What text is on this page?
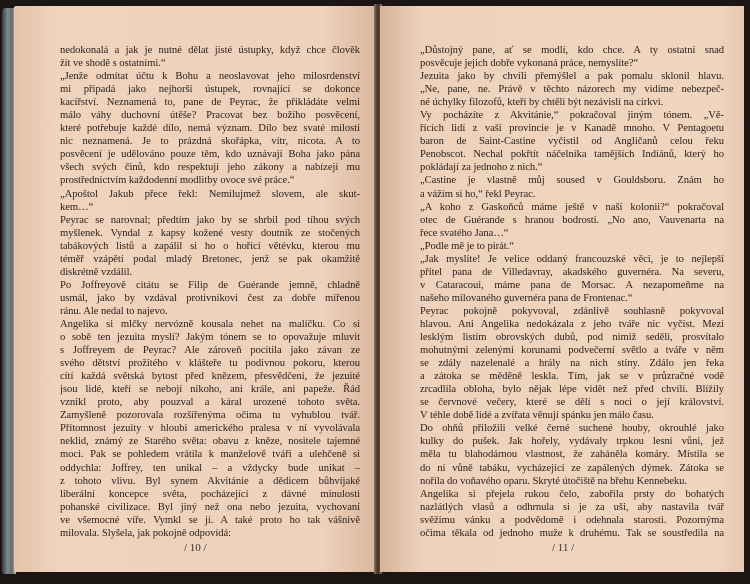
nedokonalá a jak je nutné dělat jisté ústupky, když chce člověk
žít ve shodě s ostatními.“
„Jenže odmítat účtu k Bohu a neoslavovat jeho milosrdenství
mi připadá jako nejhorší ústupek, rovnající se dokonce
kacířství. Neznamená to, pane de Peyrac, že přikládáte velmi
málo váhy duchovní útěše? Pracovat bez božího posvěcení,
které potřebuje každé dílo, nemá význam. Dílo bez svaté milosti
nic neznamená. Je to prázdná skořápka, vítr, nicota. A to
posvěcení je udělováno pouze těm, kdo uznávají Boha jako pána
všech svých činů, kdo respektují jeho zákony a nabízejí mu
prostřednictvím každodenní modlitby ovoce své práce.“
„Apoštol Jakub přece řekl: Nemilujmež slovem, ale skut-
kem…“
Peyrac se narovnal; předtím jako by se shrbil pod tíhou svých
myšlenek. Vyndal z kapsy kožené vesty doutník ze stočených
tabákových listů a zapálil si ho o hořící větévku, kterou mu
téměř vzápětí podal mladý Bretonec, jenž se pak okamžitě
diskrétně vzdálil.
Po Joffreyově citátu se Filip de Guérande jemně, chladně
usmál, jako by vzdával protivníkovi čest za dobře mířenou
ránu. Ale nedal to najevo.
Angelika si mlčky nervózně kousala nehet na malíčku. Co si
o sobě ten jezuita myslí? Jakým tónem se to opovažuje mluvit
s Joffreyem de Peyrac? Ale zároveň pocítila jako závan ze
svého dětství prožitého v klášteře tu podivnou pokoru, kterou
cítí každá světská bytost před knězem, přesvědčení, že jezuité
jsou lidé, kteří se nebojí nikoho, ani krále, ani papeže. Řád
vznikl proto, aby pouzval a káral urozené tohoto světa.
Zamyšleně pozorovala rozšířenýma očima tu vyhublou tvář.
Přítomnost jezuity v hloubi amerického pralesa v ní vyvolávala
neklid, známý ze Starého světa: obavu z kněze, nositele tajemné
moci. Pak se pohledem vrátila k manželově tváři a ulehčeně si
oddychla: Joffrey, ten unikal – a vždycky bude unikat –
z tohoto vlivu. Byl synem Akvitánie a dědicem bůhvíjaké
liberální koncepce světa, pocházející z dávné minulosti
pohanské civilizace. Byl jiný než ona nebo jezuita, vychovaní
ve všemocné víře. Vymkl se jí. A také proto ho tak vášnivě
milovala. Slyšela, jak pokojně odpovídá:
/ 10 /
„Důstojný pane, ať se modlí, kdo chce. A ty ostatní snad
posvěcuje jejich dobře vykonaná práce, nemyslíte?“
Jezuita jako by chvíli přemýšlel a pak pomalu sklonil hlavu.
„Ne, pane, ne. Právě v těchto názorech my vidíme nebezpeč-
né úchylky filozofů, kteří by chtěli být nezávislí na církvi.
Vy pocházíte z Akvitánie,“ pokračoval jiným tónem. „Vě-
řících lidí z vaší provincie je v Kanadě mnoho. V Pentagoetu
baron de Saint-Castine vyčistil od Angličanů celou řeku
Penobscot. Nechal pokřtít náčelníka tamějších Indiánů, který ho
pokládají za jednoho z nich.“
„Castine je vlastně můj soused v Gouldsboru. Znám ho
a vážím si ho,“ řekl Peyrac.
„A koho z Gaskoňců máme ještě v naší kolonii?“ pokračoval
otec de Guérande s hranou bodrostí. „No ano, Vauvenarta na
řece svatého Jana…“
„Podle mě je to pirát.“
„Jak myslíte! Je velice oddaný francouzské věci, je to nejlepší
přítel pana de Villedavray, akadského guvernéra. Na severu,
v Cataracoui, máme pana de Morsac. A nezapomeňme na
našeho milovaného guvernéra pana de Frontenac.“
Peyrac pokojně pokyvoval, zdánlivě souhlasně pokyvoval
hlavou. Ani Angelika nedokázala z jeho tváře nic vyčíst. Mezi
lesklým listím obrovských dubů, pod nimiž seděli, prosvítalo
mohutnými zelenými korunami podvečerní světlo a tváře v něm
se zdály nazelenalé a hrály na nich stíny. Zdálo jen řeka
a zátoka se měděně leskla. Tím, jak se v průzračné vodě
zrcadlila obloha, bylo nějak lépe vidět než před chvílí. Blížily
se červnové večery, které se dělí s noci o její království.
V téhle době lidé a zvířata věnují spánku jen málo času.
Do ohňů přiložili velké černé suchené houby, okrouhlé jako
kulky do pušek. Jak hořely, vydávaly trpkou lesní vůni, jež
měla tu blahodárnou vlastnost, že zaháněla komáry. Místila se
do ní vůně tabáku, vycházející ze zapálených dýmek. Zátoka se
nořila do voňavého oparu. Skryté útočiště na břehu Kennebeku.
Angelika si přejela rukou čelo, zabořila prsty do bohatých
nazlátlých vlasů a odhrnula si je za uši, aby nastavila tvář
svěžímu vánku a podvědomě i odehnala starosti. Pozornýma
očima těkala od jednoho muže k druhému. Tak se soustředila na
/ 11 /
